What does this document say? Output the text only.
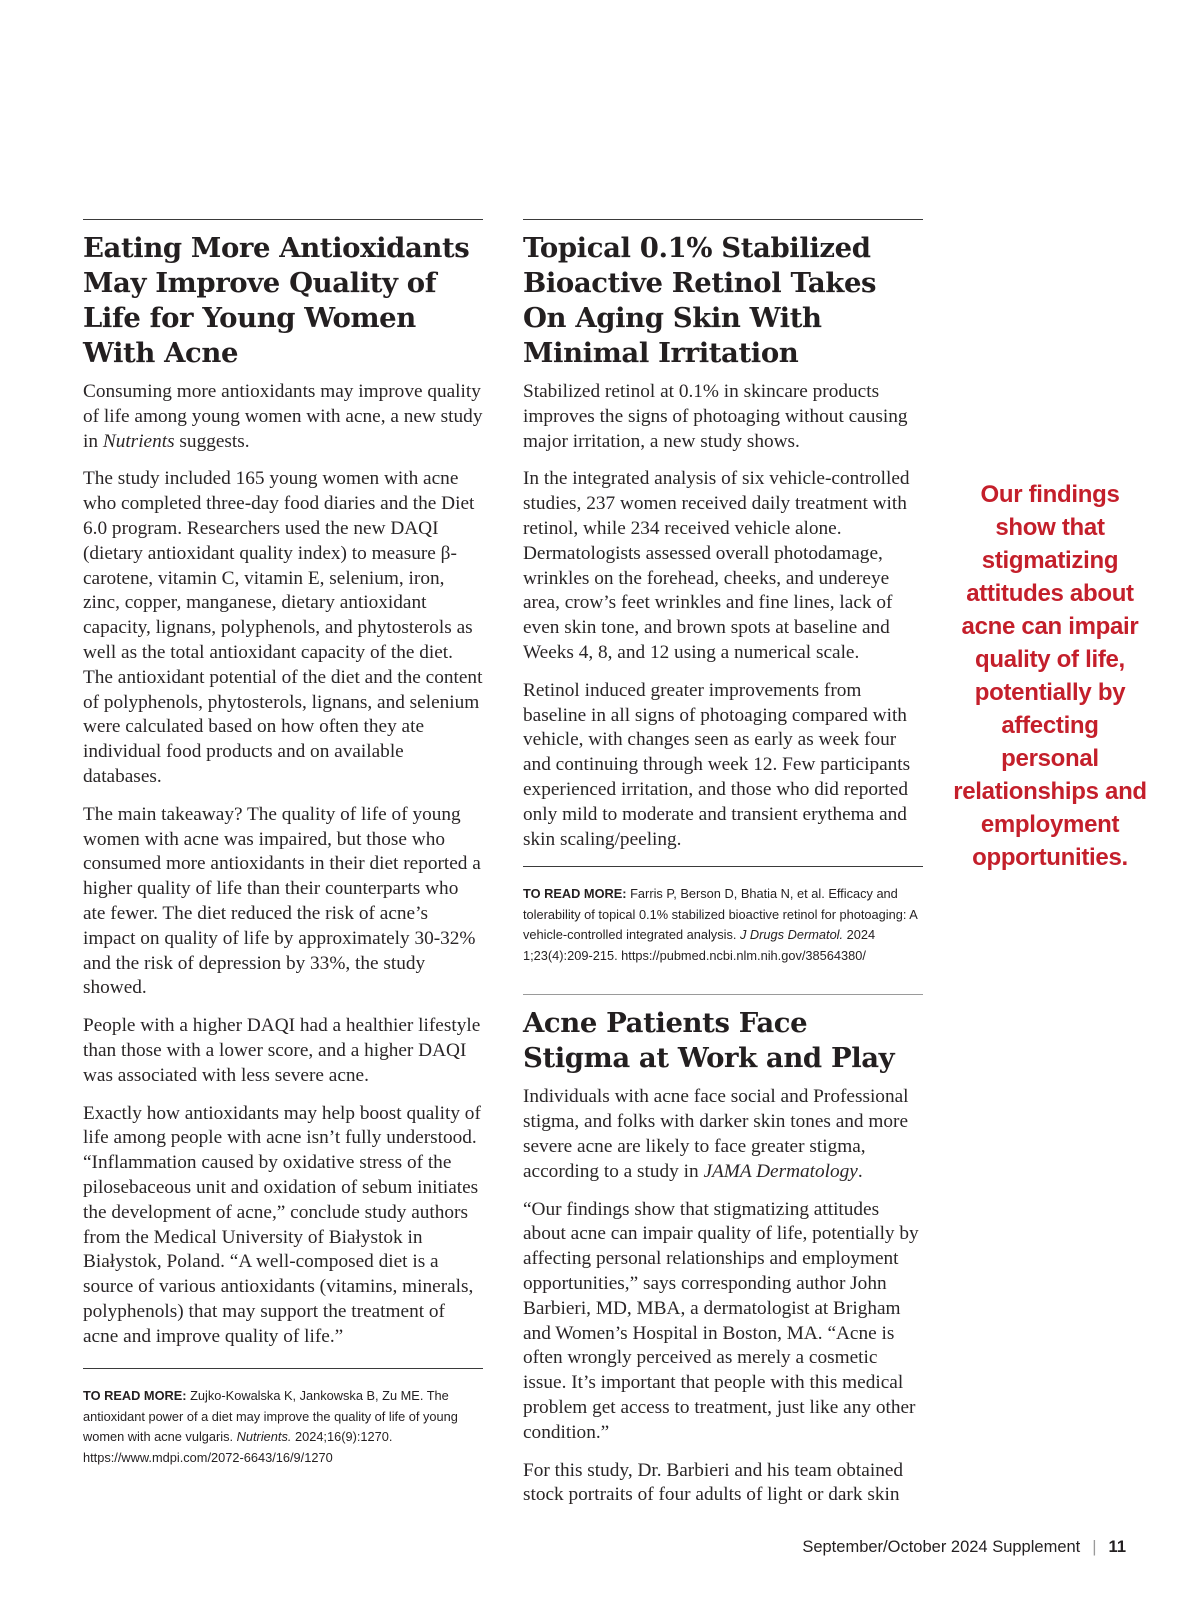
Eating More Antioxidants May Improve Quality of Life for Young Women With Acne

Consuming more antioxidants may improve quality of life among young women with acne, a new study in Nutrients suggests.

The study included 165 young women with acne who completed three-day food diaries and the Diet 6.0 program. Researchers used the new DAQI (dietary antioxidant quality index) to measure β-carotene, vitamin C, vitamin E, selenium, iron, zinc, copper, manganese, dietary antioxidant capacity, lignans, polyphenols, and phytosterols as well as the total antioxidant capacity of the diet. The antioxidant potential of the diet and the content of polyphenols, phytosterols, lignans, and selenium were calculated based on how often they ate individual food products and on available databases.

The main takeaway? The quality of life of young women with acne was impaired, but those who consumed more antioxidants in their diet reported a higher quality of life than their counterparts who ate fewer. The diet reduced the risk of acne’s impact on quality of life by approximately 30-32% and the risk of depression by 33%, the study showed.

People with a higher DAQI had a healthier lifestyle than those with a lower score, and a higher DAQI was associated with less severe acne.

Exactly how antioxidants may help boost quality of life among people with acne isn’t fully understood. “Inflammation caused by oxidative stress of the pilosebaceous unit and oxidation of sebum initiates the development of acne,” conclude study authors from the Medical University of Białystok in Białystok, Poland. “A well-composed diet is a source of various antioxidants (vitamins, minerals, polyphenols) that may support the treatment of acne and improve quality of life.”

TO READ MORE: Zujko-Kowalska K, Jankowska B, Zu ME. The antioxidant power of a diet may improve the quality of life of young women with acne vulgaris. Nutrients. 2024;16(9):1270. https://www.mdpi.com/2072-6643/16/9/1270
Topical 0.1% Stabilized Bioactive Retinol Takes On Aging Skin With Minimal Irritation

Stabilized retinol at 0.1% in skincare products improves the signs of photoaging without causing major irritation, a new study shows.

In the integrated analysis of six vehicle-controlled studies, 237 women received daily treatment with retinol, while 234 received vehicle alone. Dermatologists assessed overall photodamage, wrinkles on the forehead, cheeks, and undereye area, crow’s feet wrinkles and fine lines, lack of even skin tone, and brown spots at baseline and Weeks 4, 8, and 12 using a numerical scale.

Retinol induced greater improvements from baseline in all signs of photoaging compared with vehicle, with changes seen as early as week four and continuing through week 12. Few participants experienced irritation, and those who did reported only mild to moderate and transient erythema and skin scaling/peeling.

TO READ MORE: Farris P, Berson D, Bhatia N, et al. Efficacy and tolerability of topical 0.1% stabilized bioactive retinol for photoaging: A vehicle-controlled integrated analysis. J Drugs Dermatol. 2024 1;23(4):209-215. https://pubmed.ncbi.nlm.nih.gov/38564380/
Acne Patients Face Stigma at Work and Play

Individuals with acne face social and Professional stigma, and folks with darker skin tones and more severe acne are likely to face greater stigma, according to a study in JAMA Dermatology.

“Our findings show that stigmatizing attitudes about acne can impair quality of life, potentially by affecting personal relationships and employment opportunities,” says corresponding author John Barbieri, MD, MBA, a dermatologist at Brigham and Women’s Hospital in Boston, MA. “Acne is often wrongly perceived as merely a cosmetic issue. It’s important that people with this medical problem get access to treatment, just like any other condition.”

For this study, Dr. Barbieri and his team obtained stock portraits of four adults of light or dark skin

Our findings show that stigmatizing attitudes about acne can impair quality of life, potentially by affecting personal relationships and employment opportunities.

September/October 2024 Supplement | 11
